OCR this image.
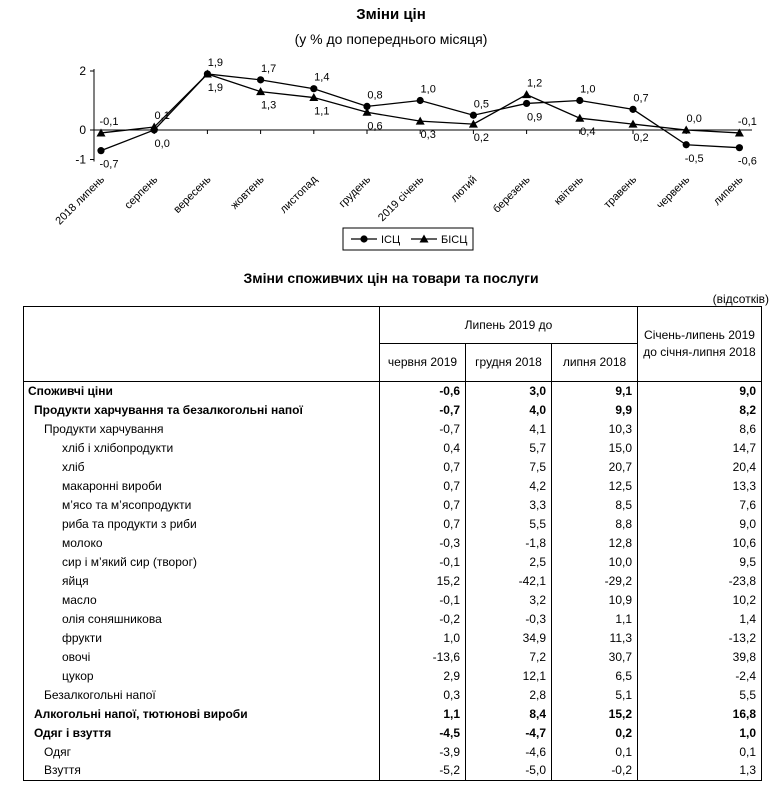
Зміни цін
(у % до попереднього місяця)
-1
0
2
2018 липень серпень вересень жовтень листопад грудень 2019 січень лютий березень квітень травень червень липень
-0,7
-0,1
0,0
0,1
1,9
1,9
1,7
1,3
1,4
1,1
0,8
0,6
1,0
0,3
0,5
0,2
0,9
1,2	1,0
0,4
0,7
0,2
-0,5
0,0
-0,6
-0,1
ІСЦ	БІСЦ
Зміни споживчих цін на товари та послуги
(відсотків)
	Липень 2019 до			Січень-липень 2019 до січня-липня 2018
	червня 2019	грудня 2018	липня 2018	
Споживчі ціни	-0,6	3,0	9,1	9,0
Продукти харчування та безалкогольні напої	-0,7	4,0	9,9	8,2
Продукти харчування	-0,7	4,1	10,3	8,6
хліб і хлібопродукти	0,4	5,7	15,0	14,7
хліб	0,7	7,5	20,7	20,4
макаронні вироби	0,7	4,2	12,5	13,3
м’ясо та м’ясопродукти	0,7	3,3	8,5	7,6
риба та продукти з риби	0,7	5,5	8,8	9,0
молоко	-0,3	-1,8	12,8	10,6
сир і м’який сир (творог)	-0,1	2,5	10,0	9,5
яйця	15,2	-42,1	-29,2	-23,8
масло	-0,1	3,2	10,9	10,2
олія соняшникова	-0,2	-0,3	1,1	1,4
фрукти	1,0	34,9	11,3	-13,2
овочі	-13,6	7,2	30,7	39,8
цукор	2,9	12,1	6,5	-2,4
Безалкогольні напої	0,3	2,8	5,1	5,5
Алкогольні напої, тютюнові вироби	1,1	8,4	15,2	16,8
Одяг і взуття	-4,5	-4,7	0,2	1,0
Одяг	-3,9	-4,6	0,1	0,1
Взуття	-5,2	-5,0	-0,2	1,3
